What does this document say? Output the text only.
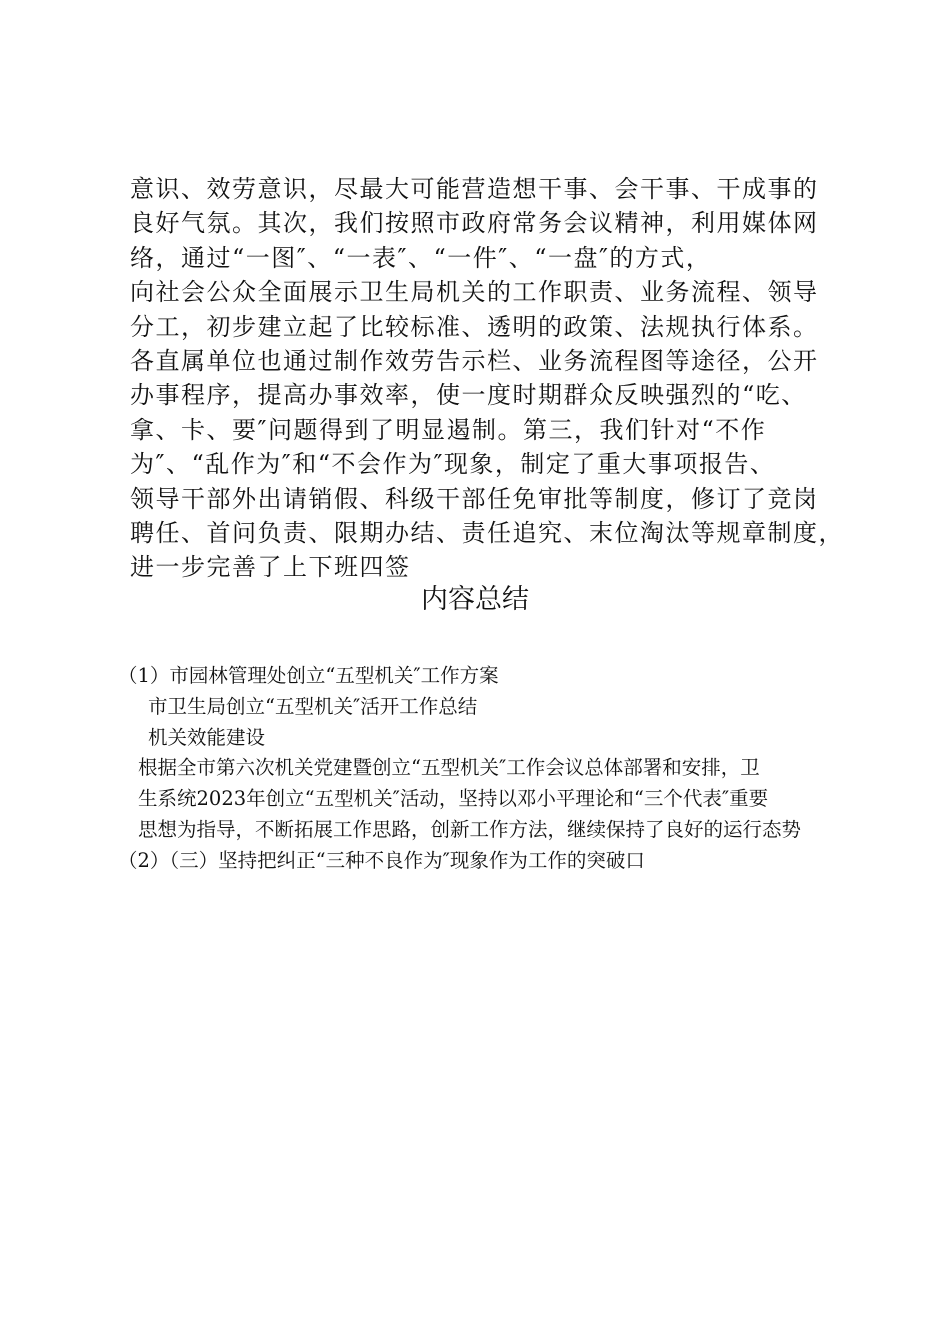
意识、效劳意识，尽最大可能营造想干事、会干事、干成事的
良好气氛。其次，我们按照市政府常务会议精神，利用媒体网
络，通过“一图″、“一表″、“一件″、“一盘″的方式，
向社会公众全面展示卫生局机关的工作职责、业务流程、领导
分工，初步建立起了比较标准、透明的政策、法规执行体系。
各直属单位也通过制作效劳告示栏、业务流程图等途径，公开
办事程序，提高办事效率，使一度时期群众反映强烈的“吃、
拿、卡、要″问题得到了明显遏制。第三，我们针对“不作
为″、“乱作为″和“不会作为″现象，制定了重大事项报告、
领导干部外出请销假、科级干部任免审批等制度，修订了竞岗
聘任、首问负责、限期办结、责任追究、末位淘汰等规章制度，
进一步完善了上下班四签
内容总结
（1）市园林管理处创立“五型机关″工作方案
市卫生局创立“五型机关″活开工作总结
机关效能建设
根据全市第六次机关党建暨创立“五型机关″工作会议总体部署和安排，卫
生系统2023年创立“五型机关″活动，坚持以邓小平理论和“三个代表″重要
思想为指导，不断拓展工作思路，创新工作方法，继续保持了良好的运行态势
（2）（三）坚持把纠正“三种不良作为″现象作为工作的突破口
